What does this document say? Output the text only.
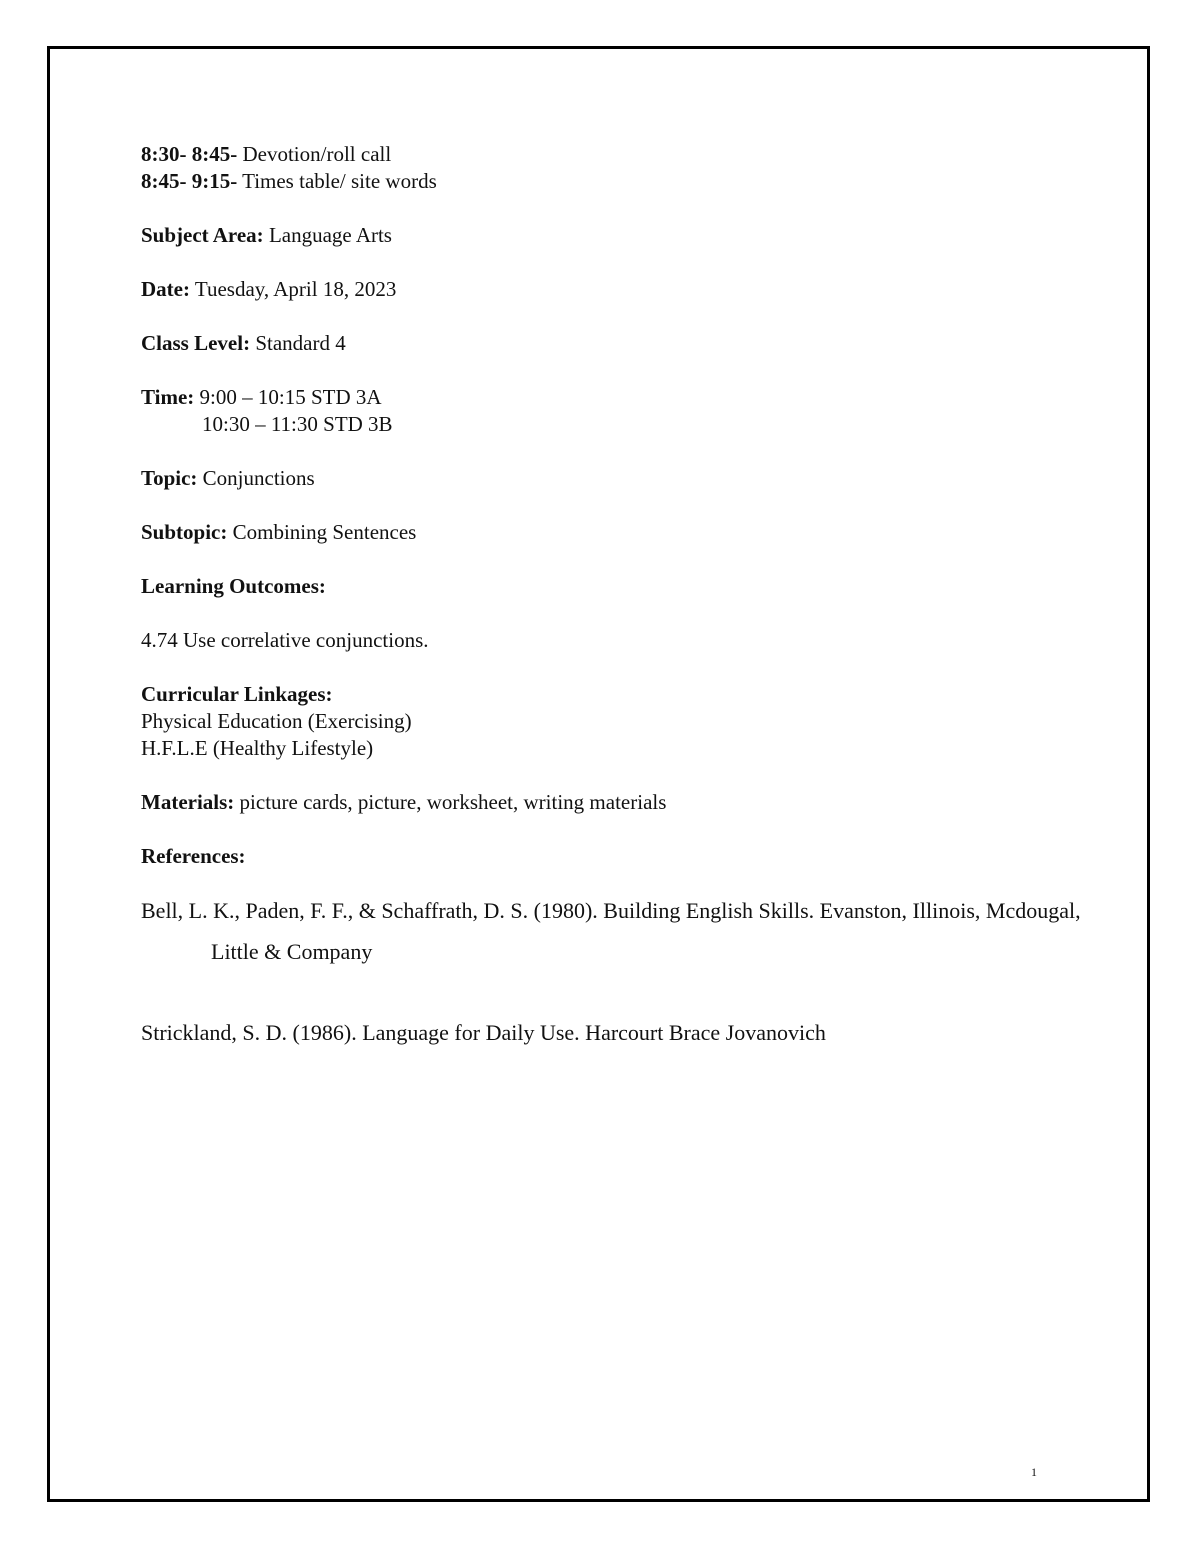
8:30- 8:45- Devotion/roll call
8:45- 9:15- Times table/ site words
Subject Area: Language Arts
Date: Tuesday, April 18, 2023
Class Level: Standard 4
Time: 9:00 – 10:15 STD 3A
10:30 – 11:30 STD 3B
Topic: Conjunctions
Subtopic: Combining Sentences
Learning Outcomes:
4.74 Use correlative conjunctions.
Curricular Linkages:
Physical Education (Exercising)
H.F.L.E (Healthy Lifestyle)
Materials: picture cards, picture, worksheet, writing materials
References:
Bell, L. K., Paden, F. F., & Schaffrath, D. S. (1980). Building English Skills. Evanston, Illinois, Mcdougal, Little & Company
Strickland, S. D. (1986). Language for Daily Use. Harcourt Brace Jovanovich
1
